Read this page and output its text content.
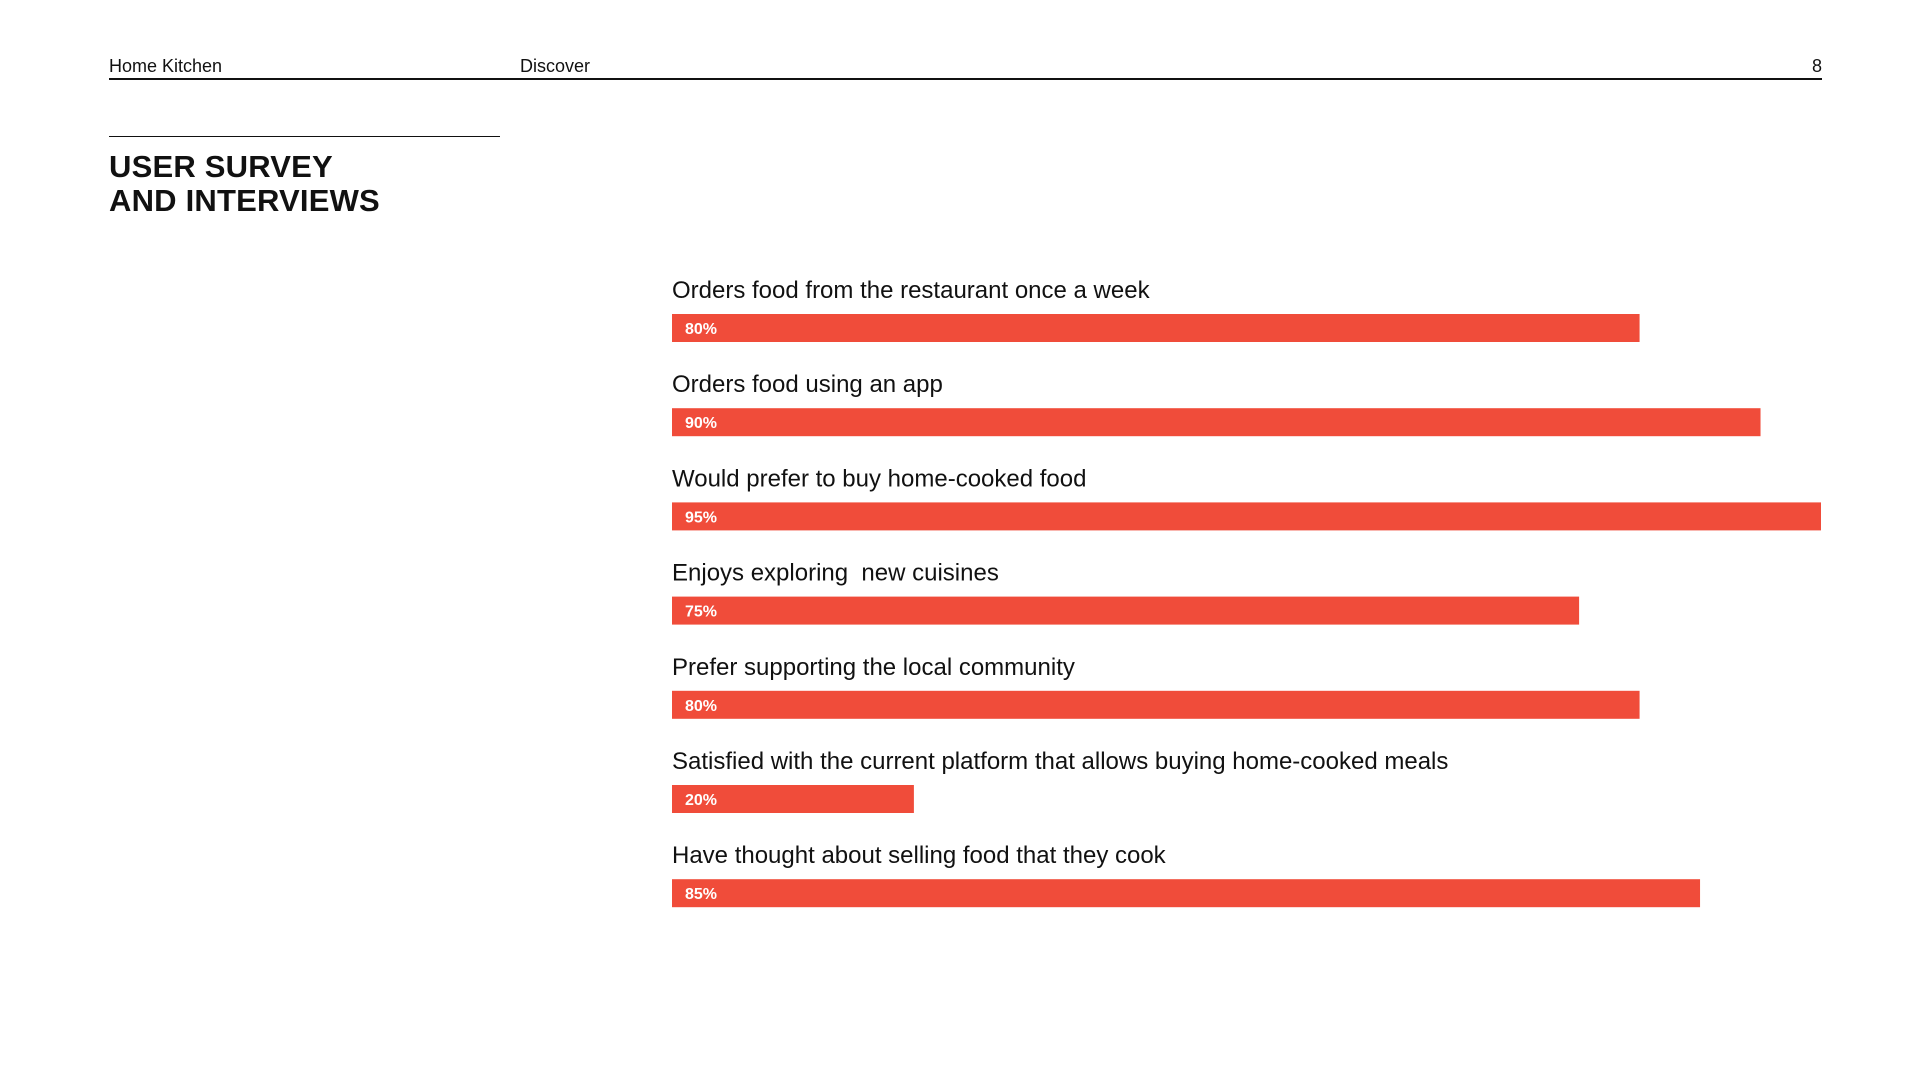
Home Kitchen	Discover	8
USER SURVEY
AND INTERVIEWS
Orders food from the restaurant once a week
80%
Orders food using an app
90%
Would prefer to buy home-cooked food
95%
Enjoys exploring  new cuisines
75%
Prefer supporting the local community
80%
Satisfied with the current platform that allows buying home-cooked meals
20%
Have thought about selling food that they cook
85%
